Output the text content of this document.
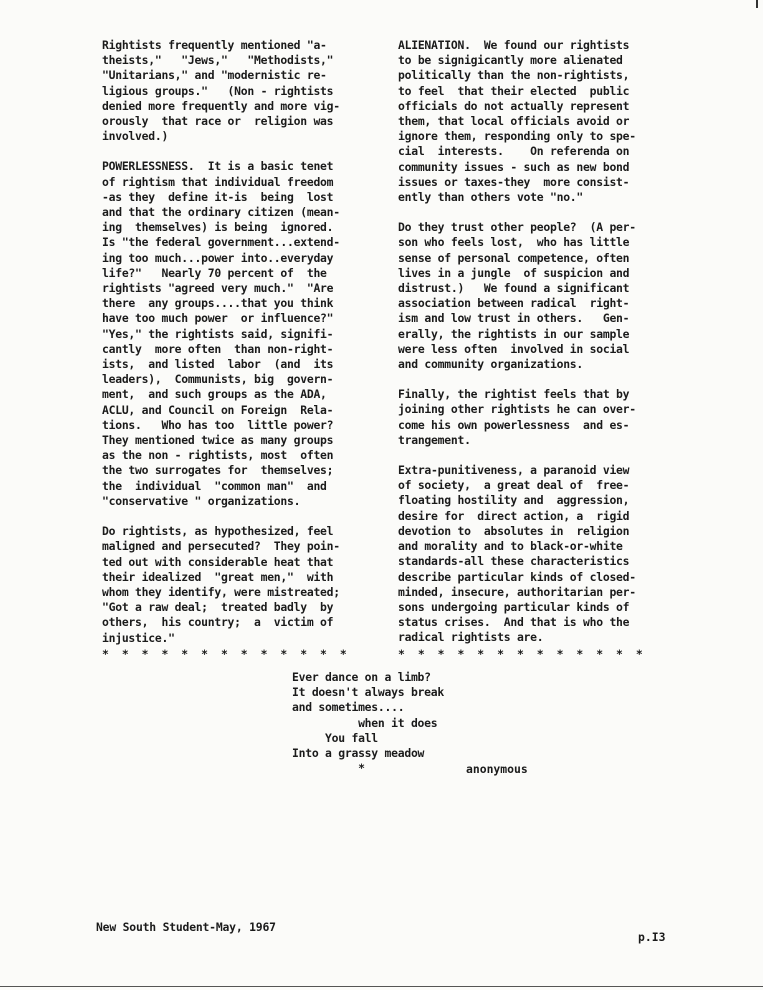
Rightists frequently mentioned "a-
theists,"   "Jews,"   "Methodists,"
"Unitarians," and "modernistic re-
ligious groups."   (Non - rightists
denied more frequently and more vig-
orously  that race or  religion was
involved.)

POWERLESSNESS.  It is a basic tenet
of rightism that individual freedom
-as they  define it-is  being  lost
and that the ordinary citizen (mean-
ing  themselves) is being  ignored.
Is "the federal government...extend-
ing too much...power into..everyday
life?"   Nearly 70 percent of  the
rightists "agreed very much."  "Are
there  any groups....that you think
have too much power  or influence?"
"Yes," the rightists said, signifi-
cantly  more often  than non-right-
ists,  and listed  labor  (and  its
leaders),  Communists, big  govern-
ment,  and such groups as the ADA,
ACLU, and Council on Foreign  Rela-
tions.   Who has too  little power?
They mentioned twice as many groups
as the non - rightists, most  often
the two surrogates for  themselves;
the  individual  "common man"  and
"conservative " organizations.

Do rightists, as hypothesized, feel
maligned and persecuted?  They poin-
ted out with considerable heat that
their idealized  "great men,"  with
whom they identify, were mistreated;
"Got a raw deal;  treated badly  by
others,  his country;  a  victim of
injustice."

*  *  *  *  *  *  *  *  *  *  *  *  *

ALIENATION.  We found our rightists
to be signigicantly more alienated
politically than the non-rightists,
to feel  that their elected  public
officials do not actually represent
them, that local officials avoid or
ignore them, responding only to spe-
cial  interests.    On referenda on
community issues - such as new bond
issues or taxes-they  more consist-
ently than others vote "no."

Do they trust other people?  (A per-
son who feels lost,  who has little
sense of personal competence, often
lives in a jungle  of suspicion and
distrust.)   We found a significant
association between radical  right-
ism and low trust in others.   Gen-
erally, the rightists in our sample
were less often  involved in social
and community organizations.

Finally, the rightist feels that by
joining other rightists he can over-
come his own powerlessness  and es-
trangement.

Extra-punitiveness, a paranoid view
of society,  a great deal of  free-
floating hostility and  aggression,
desire for  direct action, a  rigid
devotion to  absolutes in  religion
and morality and to black-or-white
standards-all these characteristics
describe particular kinds of closed-
minded, insecure, authoritarian per-
sons undergoing particular kinds of
status crises.  And that is who the
radical rightists are.

*  *  *  *  *  *  *  *  *  *  *  *  *
Ever dance on a limb?
It doesn't always break
and sometimes....
when it does
You fall
Into a grassy meadow
*	anonymous
New South Student-May, 1967
p.I3
